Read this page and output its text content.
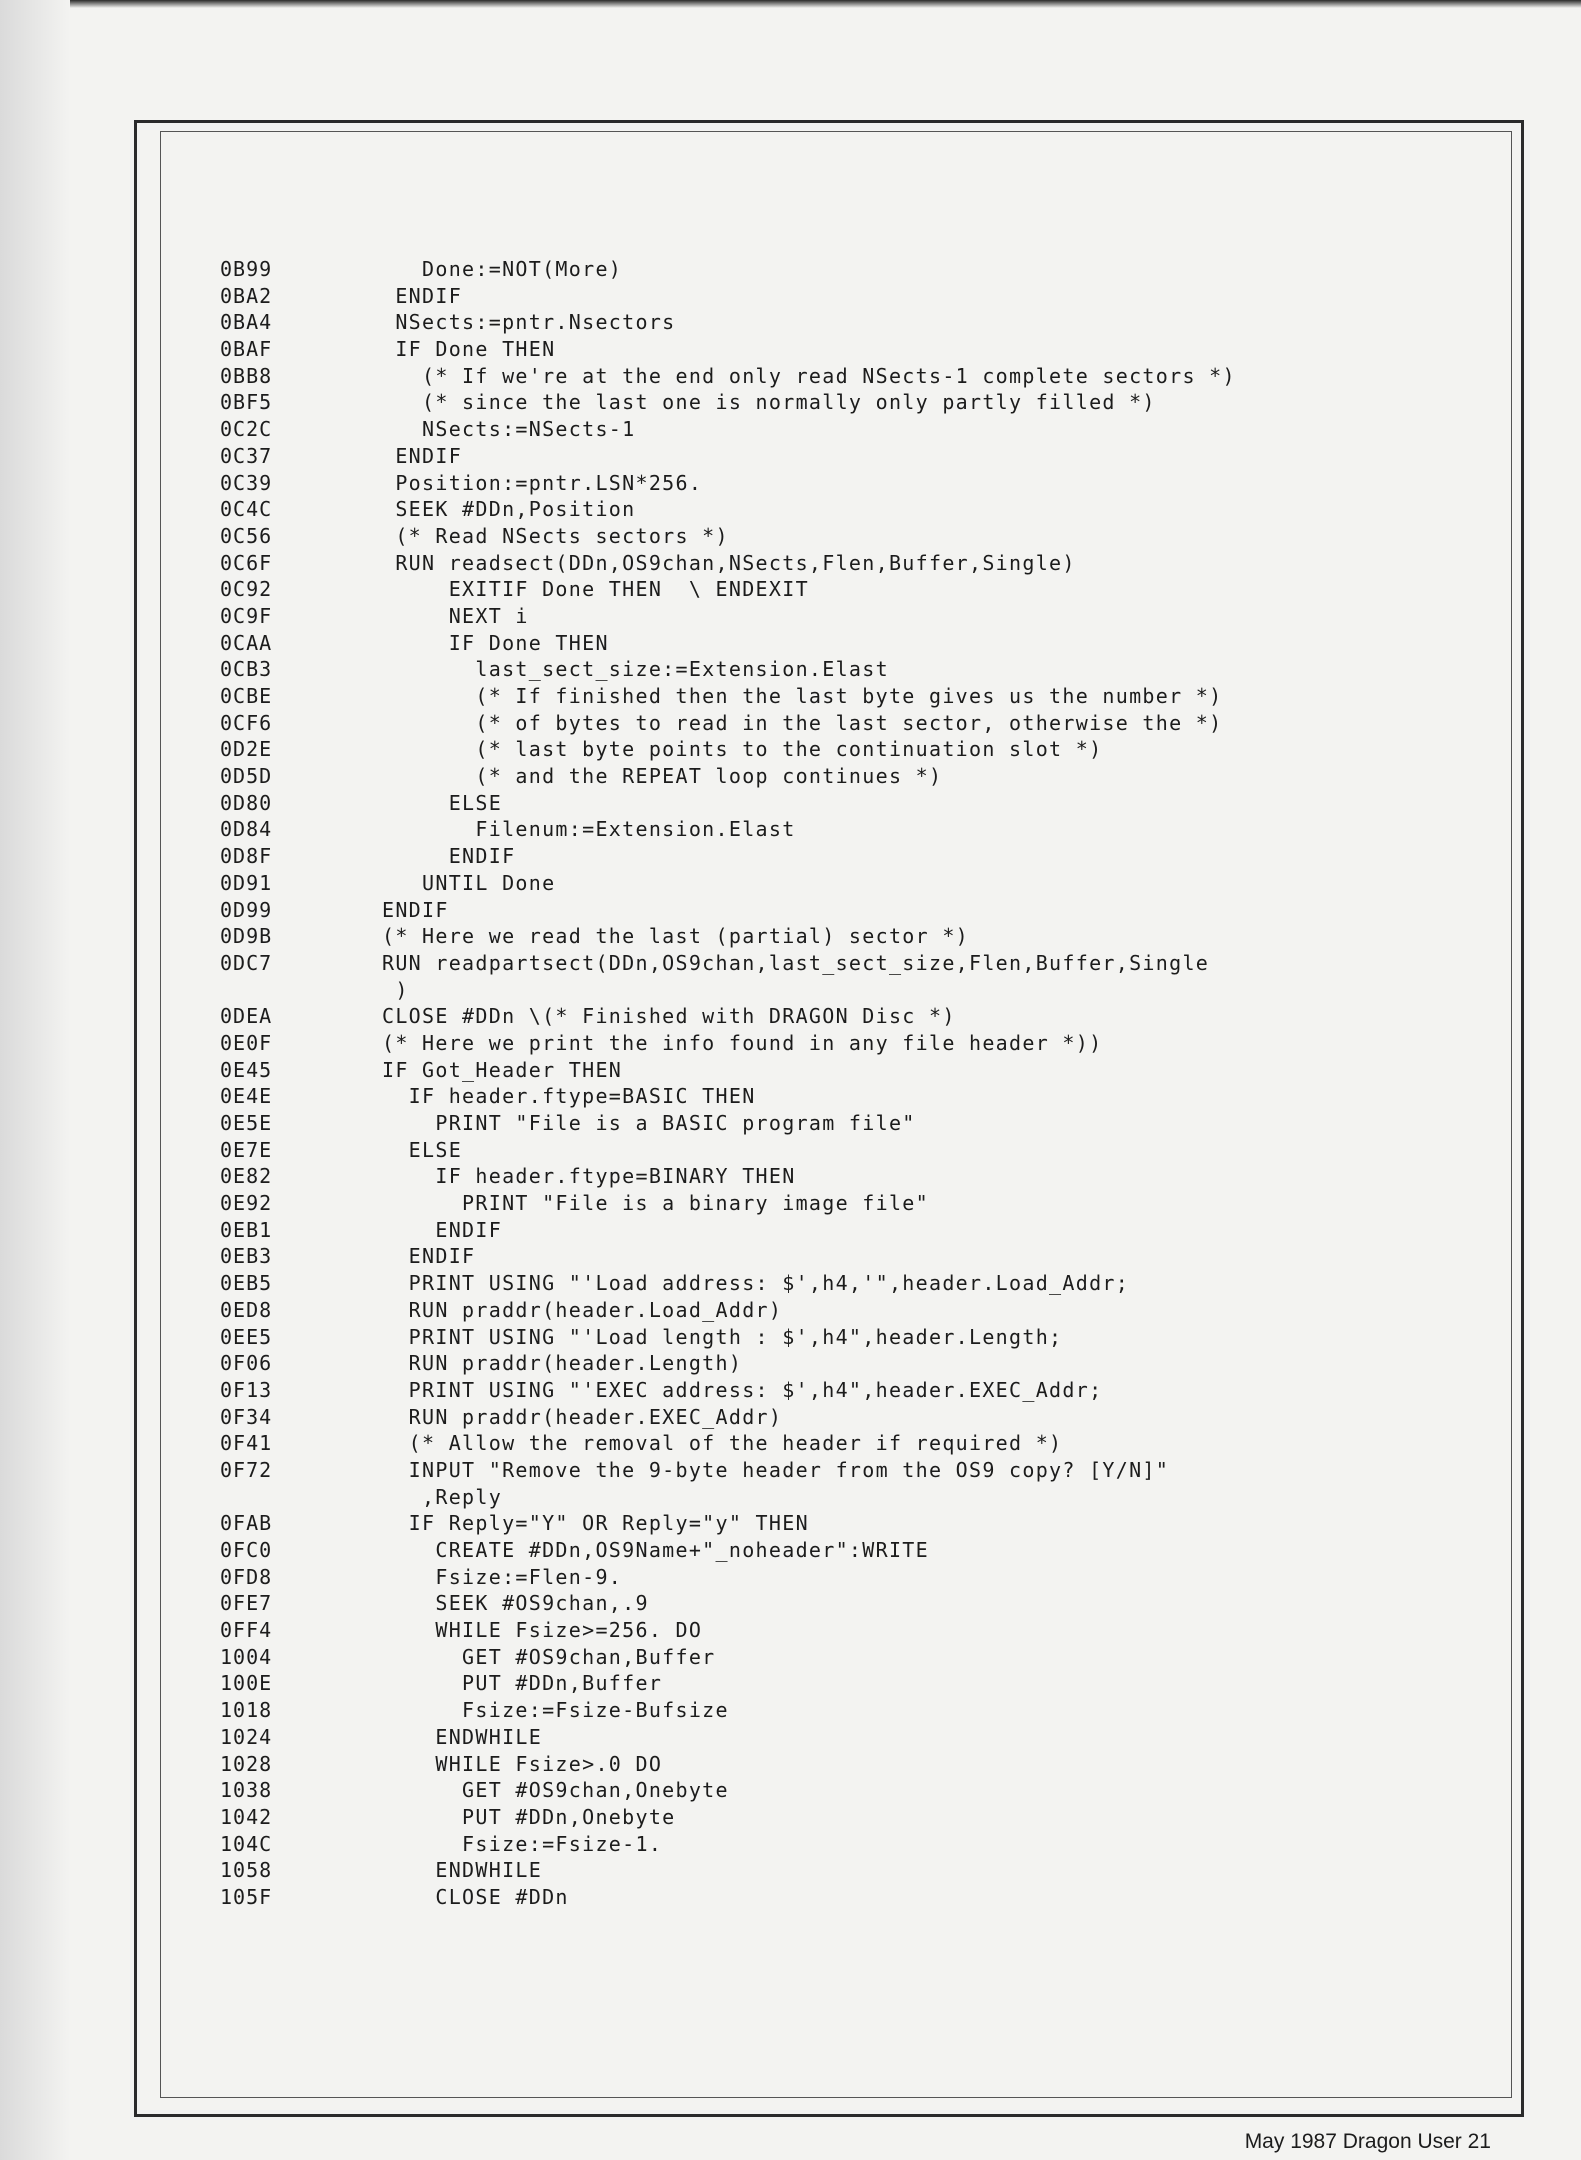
0B99	Done:=NOT(More)
0BA2	ENDIF
0BA4	NSects:=pntr.Nsectors
0BAF	IF Done THEN
0BB8	(* If we're at the end only read NSects-1 complete sectors *)
0BF5	(* since the last one is normally only partly filled *)
0C2C	NSects:=NSects-1
0C37	ENDIF
0C39	Position:=pntr.LSN*256.
0C4C	SEEK #DDn,Position
0C56	(* Read NSects sectors *)
0C6F	RUN readsect(DDn,OS9chan,NSects,Flen,Buffer,Single)
0C92	EXITIF Done THEN  \ ENDEXIT
0C9F	NEXT i
0CAA	IF Done THEN
0CB3	last_sect_size:=Extension.Elast
0CBE	(* If finished then the last byte gives us the number *)
0CF6	(* of bytes to read in the last sector, otherwise the *)
0D2E	(* last byte points to the continuation slot *)
0D5D	(* and the REPEAT loop continues *)
0D80	ELSE
0D84	Filenum:=Extension.Elast
0D8F	ENDIF
0D91	UNTIL Done
0D99	ENDIF
0D9B	(* Here we read the last (partial) sector *)
0DC7	RUN readpartsect(DDn,OS9chan,last_sect_size,Flen,Buffer,Single
)
0DEA	CLOSE #DDn \(* Finished with DRAGON Disc *)
0E0F	(* Here we print the info found in any file header *))
0E45	IF Got_Header THEN
0E4E	IF header.ftype=BASIC THEN
0E5E	PRINT "File is a BASIC program file"
0E7E	ELSE
0E82	IF header.ftype=BINARY THEN
0E92	PRINT "File is a binary image file"
0EB1	ENDIF
0EB3	ENDIF
0EB5	PRINT USING "'Load address: $',h4,'",header.Load_Addr;
0ED8	RUN praddr(header.Load_Addr)
0EE5	PRINT USING "'Load length : $',h4",header.Length;
0F06	RUN praddr(header.Length)
0F13	PRINT USING "'EXEC address: $',h4",header.EXEC_Addr;
0F34	RUN praddr(header.EXEC_Addr)
0F41	(* Allow the removal of the header if required *)
0F72	INPUT "Remove the 9-byte header from the OS9 copy? [Y/N]"
,Reply
0FAB	IF Reply="Y" OR Reply="y" THEN
0FC0	CREATE #DDn,OS9Name+"_noheader":WRITE
0FD8	Fsize:=Flen-9.
0FE7	SEEK #OS9chan,.9
0FF4	WHILE Fsize>=256. DO
1004	GET #OS9chan,Buffer
100E	PUT #DDn,Buffer
1018	Fsize:=Fsize-Bufsize
1024	ENDWHILE
1028	WHILE Fsize>.0 DO
1038	GET #OS9chan,Onebyte
1042	PUT #DDn,Onebyte
104C	Fsize:=Fsize-1.
1058	ENDWHILE
105F	CLOSE #DDn
May 1987 Dragon User 21
